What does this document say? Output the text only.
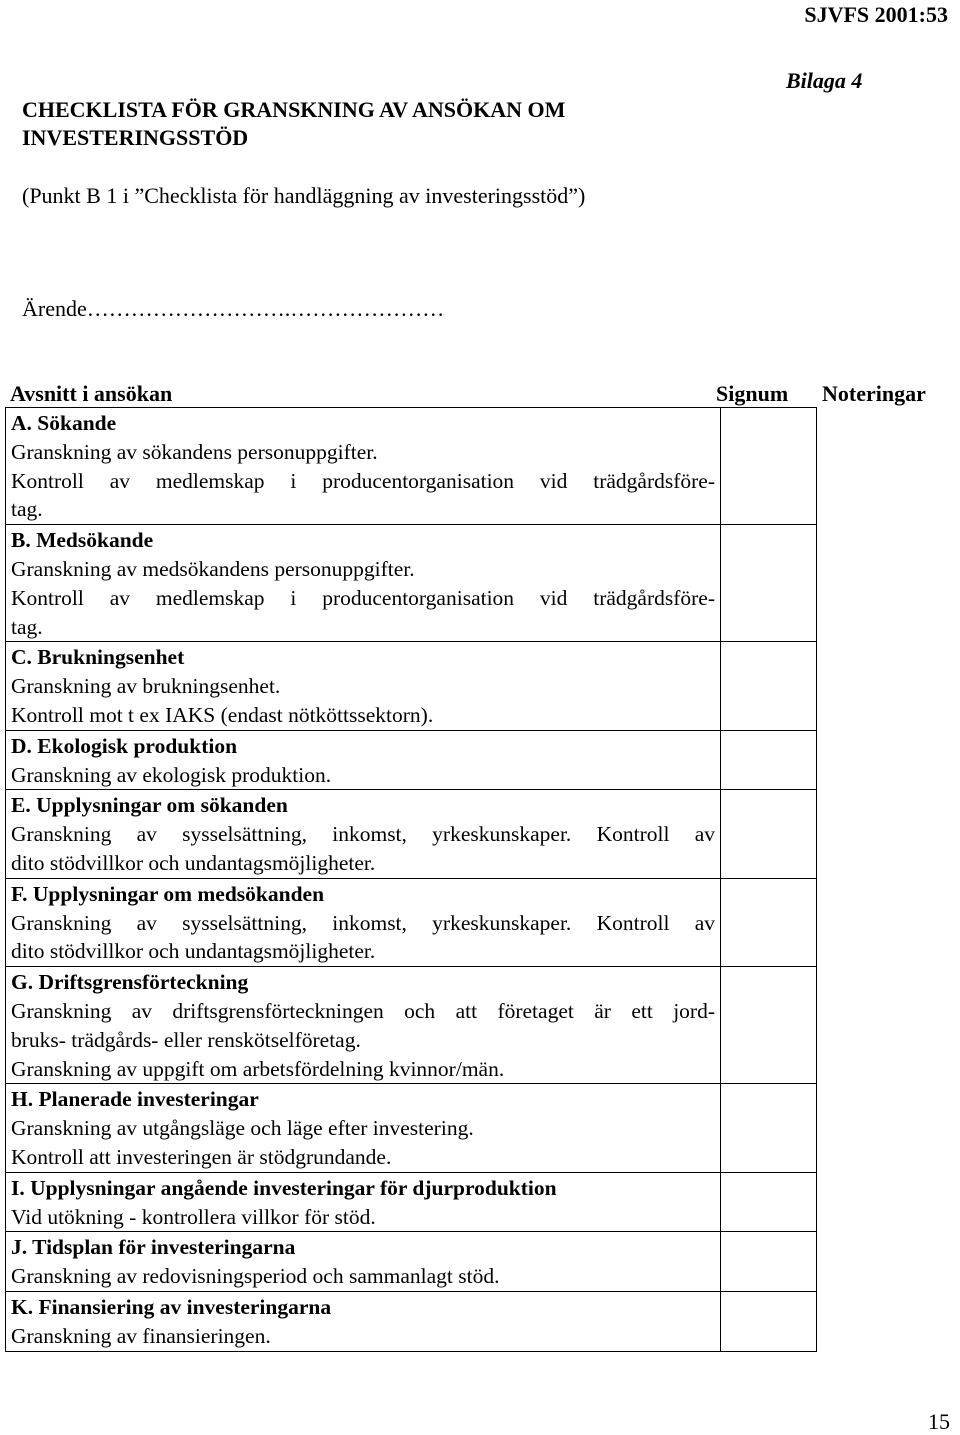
SJVFS 2001:53
Bilaga 4
CHECKLISTA FÖR GRANSKNING AV ANSÖKAN OM
INVESTERINGSSTÖD
(Punkt B 1 i ”Checklista för handläggning av investeringsstöd”)
Ärende……………………….…………………
Avsnitt i ansökan	Signum Noteringar
A. Sökande
Granskning av sökandens personuppgifter.
Kontroll av medlemskap i producentorganisation vid trädgårdsföre-
tag.	

B. Medsökande
Granskning av medsökandens personuppgifter.
Kontroll av medlemskap i producentorganisation vid trädgårdsföre-
tag.	

C. Brukningsenhet
Granskning av brukningsenhet.
Kontroll mot t ex IAKS (endast nötköttssektorn).	

D. Ekologisk produktion
Granskning av ekologisk produktion.	

E. Upplysningar om sökanden
Granskning av sysselsättning, inkomst, yrkeskunskaper. Kontroll av
dito stödvillkor och undantagsmöjligheter.	

F. Upplysningar om medsökanden
Granskning av sysselsättning, inkomst, yrkeskunskaper. Kontroll av
dito stödvillkor och undantagsmöjligheter.	

G. Driftsgrensförteckning
Granskning av driftsgrensförteckningen och att företaget är ett jord-
bruks- trädgårds- eller renskötselföretag.
Granskning av uppgift om arbetsfördelning kvinnor/män.	

H. Planerade investeringar
Granskning av utgångsläge och läge efter investering.
Kontroll att investeringen är stödgrundande.	

I. Upplysningar angående investeringar för djurproduktion
Vid utökning - kontrollera villkor för stöd.	

J. Tidsplan för investeringarna
Granskning av redovisningsperiod och sammanlagt stöd.	

K. Finansiering av investeringarna
Granskning av finansieringen.	

15
